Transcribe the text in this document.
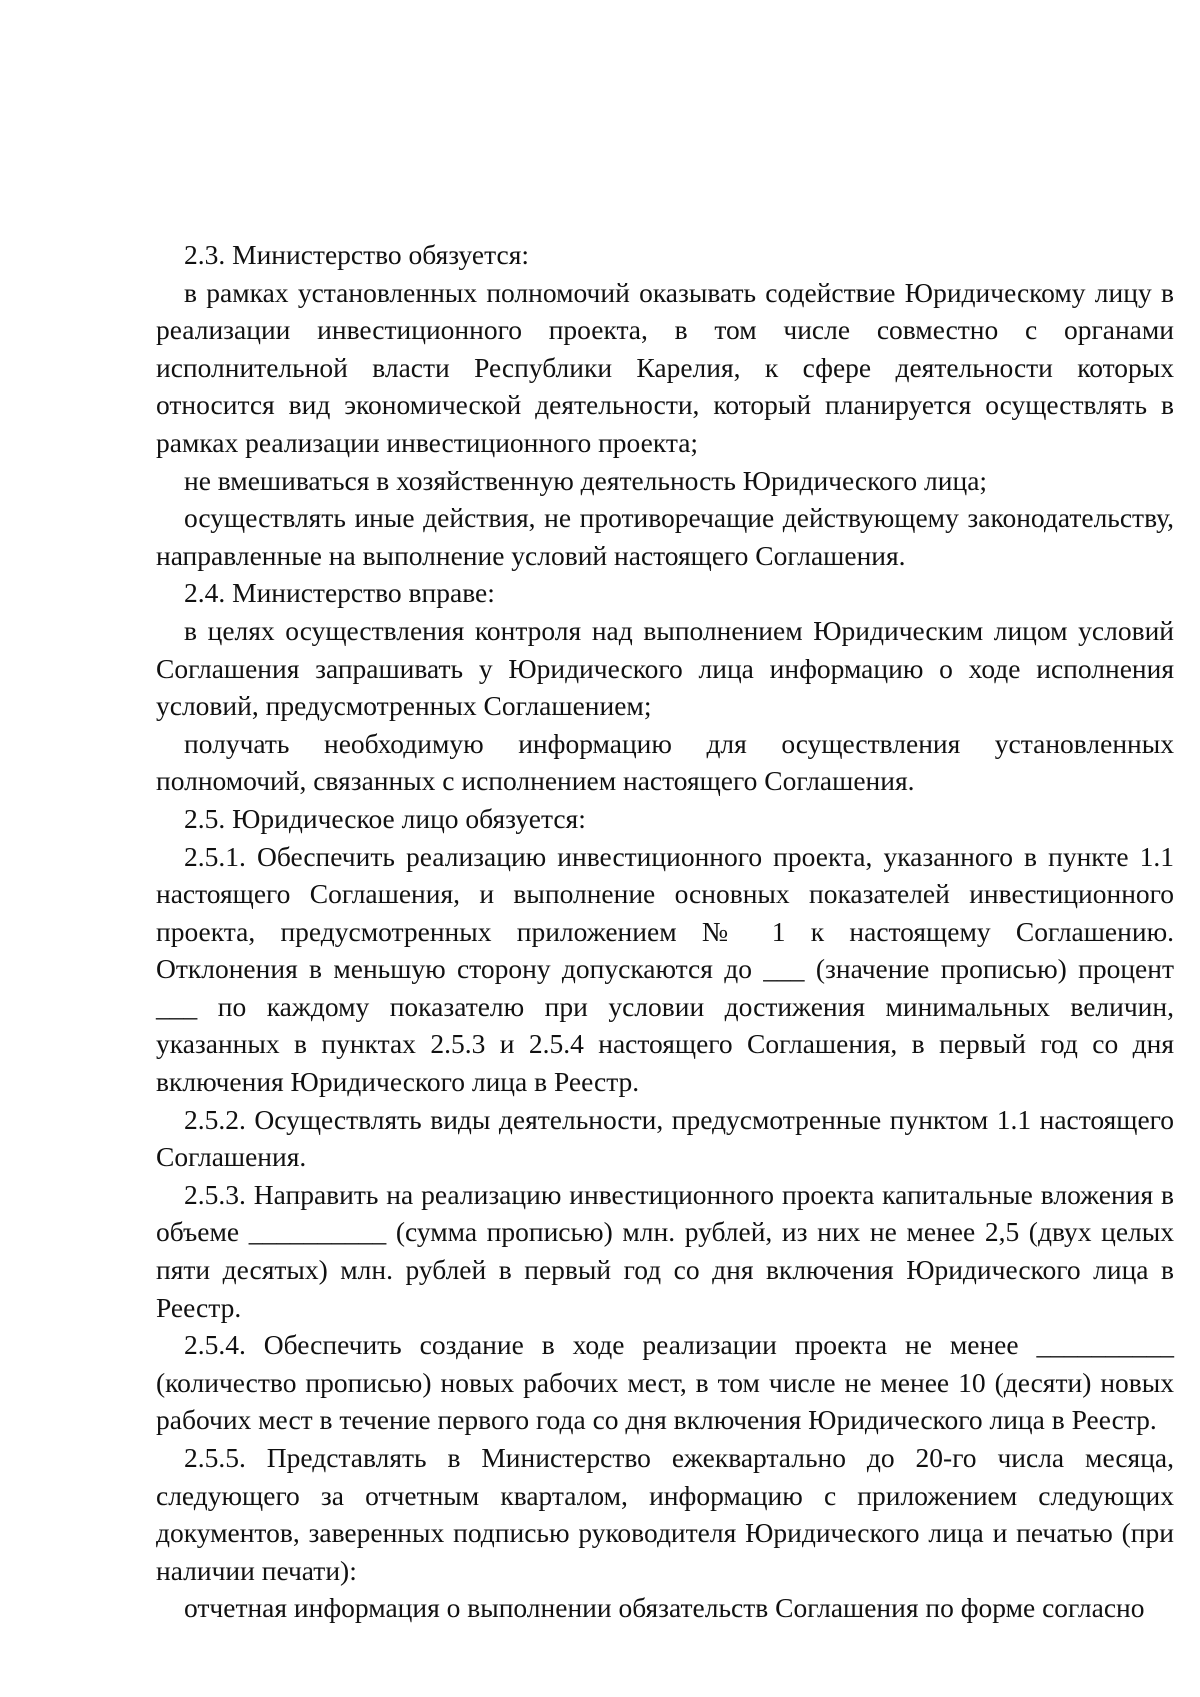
2.3. Министерство обязуется:

в рамках установленных полномочий оказывать содействие Юридическому лицу в реализации инвестиционного проекта, в том числе совместно с органами исполнительной власти Республики Карелия, к сфере деятельности которых относится вид экономической деятельности, который планируется осуществлять в рамках реализации инвестиционного проекта;

не вмешиваться в хозяйственную деятельность Юридического лица;

осуществлять иные действия, не противоречащие действующему законодательству, направленные на выполнение условий настоящего Соглашения.

2.4. Министерство вправе:

в целях осуществления контроля над выполнением Юридическим лицом условий Соглашения запрашивать у Юридического лица информацию о ходе исполнения условий, предусмотренных Соглашением;

получать необходимую информацию для осуществления установленных полномочий, связанных с исполнением настоящего Соглашения.

2.5. Юридическое лицо обязуется:

2.5.1. Обеспечить реализацию инвестиционного проекта, указанного в пункте 1.1 настоящего Соглашения, и выполнение основных показателей инвестиционного проекта, предусмотренных приложением № 1 к настоящему Соглашению. Отклонения в меньшую сторону допускаются до ___ (значение прописью) процент ___ по каждому показателю при условии достижения минимальных величин, указанных в пунктах 2.5.3 и 2.5.4 настоящего Соглашения, в первый год со дня включения Юридического лица в Реестр.

2.5.2. Осуществлять виды деятельности, предусмотренные пунктом 1.1 настоящего Соглашения.

2.5.3. Направить на реализацию инвестиционного проекта капитальные вложения в объеме __________ (сумма прописью) млн. рублей, из них не менее 2,5 (двух целых пяти десятых) млн. рублей в первый год со дня включения Юридического лица в Реестр.

2.5.4. Обеспечить создание в ходе реализации проекта не менее __________ (количество прописью) новых рабочих мест, в том числе не менее 10 (десяти) новых рабочих мест в течение первого года со дня включения Юридического лица в Реестр.

2.5.5. Представлять в Министерство ежеквартально до 20-го числа месяца, следующего за отчетным кварталом, информацию с приложением следующих документов, заверенных подписью руководителя Юридического лица и печатью (при наличии печати):

отчетная информация о выполнении обязательств Соглашения по форме согласно
